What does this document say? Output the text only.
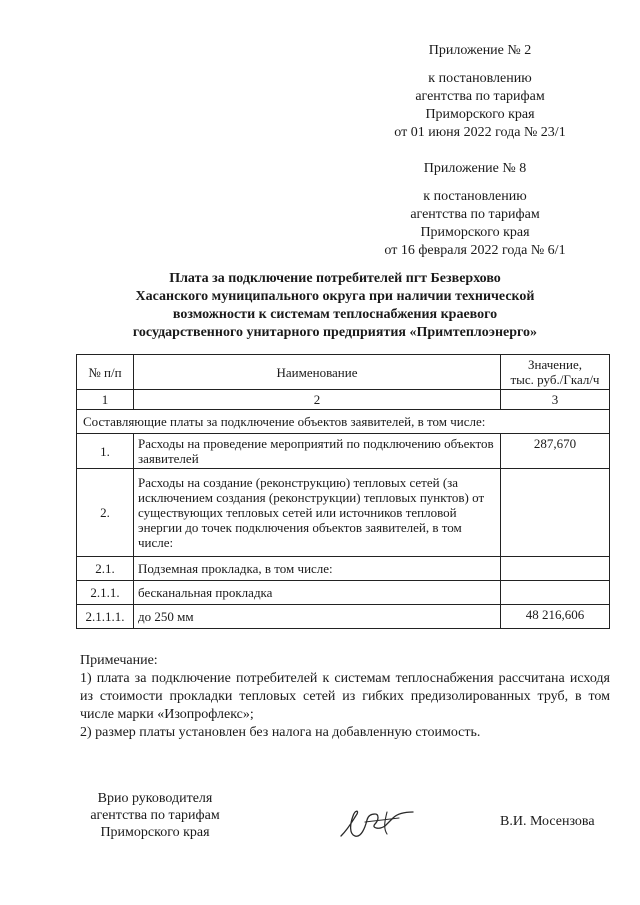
Приложение № 2
к постановлению
агентства по тарифам
Приморского края
от 01 июня 2022 года № 23/1
Приложение № 8
к постановлению
агентства по тарифам
Приморского края
от 16 февраля 2022 года № 6/1
Плата за подключение потребителей пгт Безверхово
Хасанского муниципального округа при наличии технической
возможности к системам теплоснабжения краевого
государственного унитарного предприятия «Примтеплоэнерго»
№ п/п	Наименование	Значение,
тыс. руб./Гкал/ч

1	2	3
Составляющие платы за подключение объектов заявителей, в том числе:		
1.	Расходы на проведение мероприятий по подключению объектов заявителей	287,670
2.	Расходы на создание (реконструкцию) тепловых сетей (за исключением создания (реконструкции) тепловых пунктов) от существующих тепловых сетей или источников тепловой энергии до точек подключения объектов заявителей, в том числе:	
2.1.	Подземная прокладка, в том числе:	
2.1.1.	бесканальная прокладка	
2.1.1.1.	до 250 мм	48 216,606

Примечание:

1) плата за подключение потребителей к системам теплоснабжения рассчитана исходя из стоимости прокладки тепловых сетей из гибких предизолированных труб, в том числе марки «Изопрофлекс»;

2) размер платы установлен без налога на добавленную стоимость.

Врио руководителя
агентства по тарифам
Приморского края
В.И. Мосензова
